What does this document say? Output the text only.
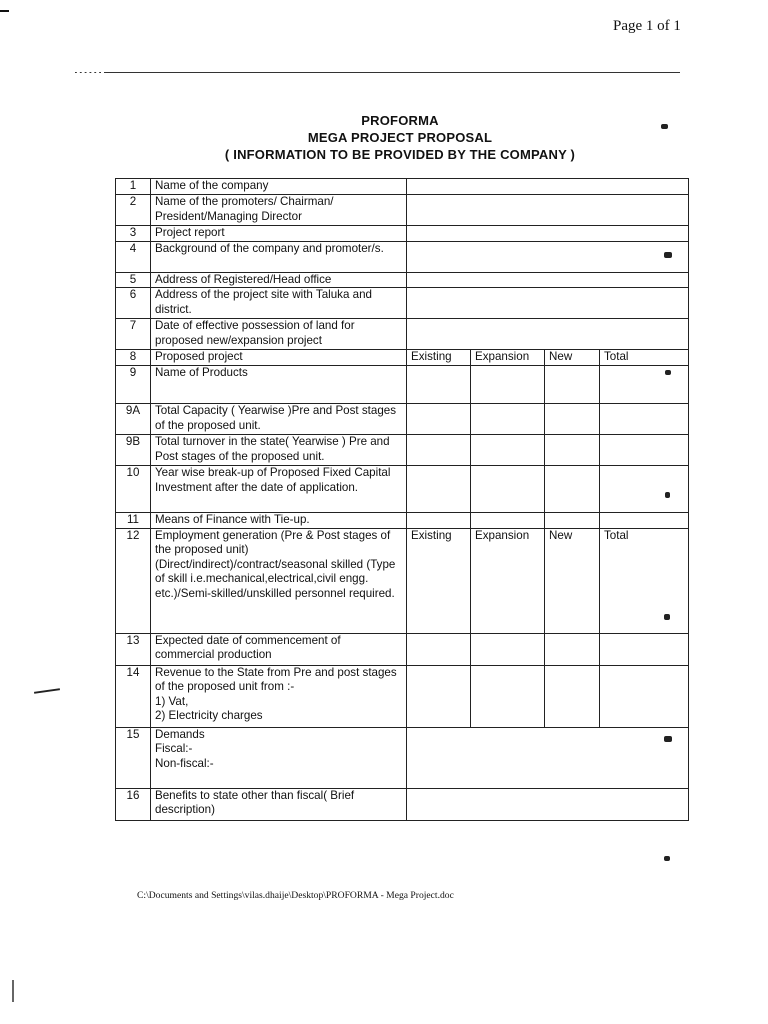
Page 1 of 1
PROFORMA
MEGA PROJECT PROPOSAL
( INFORMATION TO BE PROVIDED BY THE COMPANY )
1	Name of the company				
2	Name of the promoters/ Chairman/ President/Managing Director				
3	Project report				
4	Background of the company and promoter/s.				
5	Address of Registered/Head office				
6	Address of the project site with Taluka and district.				
7	Date of effective possession of land for proposed new/expansion project				
8	Proposed project	Existing	Expansion	New	Total
9	Name of Products				
9A	Total Capacity ( Yearwise )Pre and Post stages of the proposed unit.				
9B	Total turnover in the state( Yearwise ) Pre and Post stages of the proposed unit.				
10	Year wise break-up of Proposed Fixed Capital Investment after the date of application.				
11	Means of Finance with Tie-up.				
12	Employment generation (Pre & Post stages of the proposed unit) (Direct/indirect)/contract/seasonal skilled (Type of skill i.e.mechanical,electrical,civil engg. etc.)/Semi-skilled/unskilled personnel required.	Existing	Expansion	New	Total
13	Expected date of commencement of commercial production				
14	Revenue to the State from Pre and post stages of the proposed unit from :-
1) Vat,
2) Electricity charges				

15	Demands
Fiscal:-
Non-fiscal:-				

16	Benefits to state other than fiscal( Brief description)				
C:\Documents and Settings\vilas.dhaije\Desktop\PROFORMA - Mega Project.doc
